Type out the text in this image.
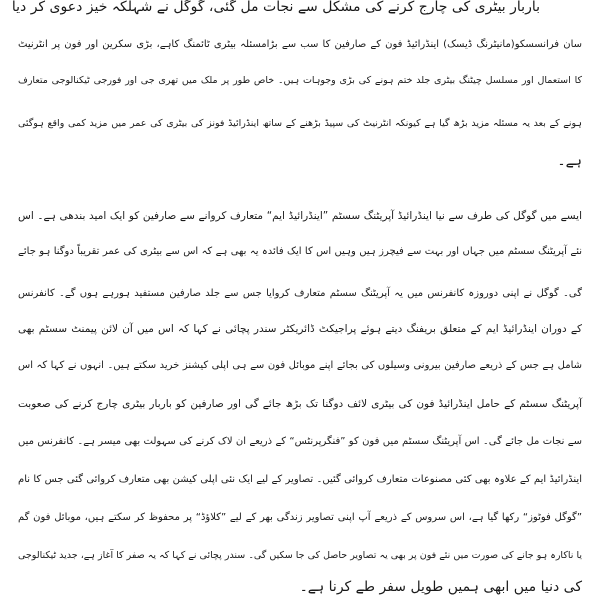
باربار بیٹری کی چارج کرنے کی مشکل سے نجات مل گئی، گوگل نے شہلکہ خیز دعوی کر دیا
سان فرانسسکو(مانیٹرنگ ڈیسک) اینڈرائیڈ فون کے صارفین کا سب سے بڑامسئلہ بیٹری ٹائمنگ کاہے، بڑی سکرین اور فون پر انٹرنیٹ
کا استعمال اور مسلسل چیٹنگ بیٹری جلد ختم ہونے کی بڑی وجوہات ہیں۔ خاص طور پر ملک میں تھری جی اور فورجی ٹیکنالوجی متعارف
ہونے کے بعد یہ مسئلہ مزید بڑھ گیا ہے کیونکہ انٹرنیٹ کی سپیڈ بڑھنے کے ساتھ اینڈرائیڈ فونز کی بیٹری کی عمر میں مزید کمی واقع ہوگئی
ہے۔
ایسے میں گوگل کی طرف سے نیا اینڈرائیڈ آپریٹنگ سسٹم ”اینڈرائیڈ ایم“ متعارف کروانے سے صارفین کو ایک امید بندھی ہے۔ اس
نئے آپریٹنگ سسٹم میں جہاں اور بہت سے فیچرز ہیں وہیں اس کا ایک فائدہ یہ بھی ہے کہ اس سے بیٹری کی عمر تقریباً دوگنا ہو جائے
گی۔ گوگل نے اپنی دوروزہ کانفرنس میں یہ آپریٹنگ سسٹم متعارف کروایا جس سے جلد صارفین مستفید ہورہے ہوں گے۔ کانفرنس
کے دوران اینڈرائیڈ ایم کے متعلق بریفنگ دیتے ہوئے پراجیکٹ ڈائریکٹر سندر پچائی نے کہا کہ اس میں آن لائن پیمنٹ سسٹم بھی
شامل ہے جس کے ذریعے صارفین بیرونی وسیلوں کی بجائے اپنے موبائل فون سے ہی اپلی کیشنز خرید سکتے ہیں۔ انہوں نے کہا کہ اس
آپریٹنگ سسٹم کے حامل اینڈرائیڈ فون کی بیٹری لائف دوگنا تک بڑھ جائے گی اور صارفین کو باربار بیٹری چارج کرنے کی صعوبت
سے نجات مل جائے گی۔ اس آپریٹنگ سسٹم میں فون کو ”فنگرپرنٹس“ کے ذریعے ان لاک کرنے کی سہولت بھی میسر ہے۔ کانفرنس میں
اینڈرائیڈ ایم کے علاوہ بھی کئی مصنوعات متعارف کروائی گئیں۔ تصاویر کے لیے ایک نئی اپلی کیشن بھی متعارف کروائی گئی جس کا نام
”گوگل فوٹوز“ رکھا گیا ہے، اس سروس کے ذریعے آپ اپنی تصاویر زندگی بھر کے لیے ”کلاؤڈ“ پر محفوظ کر سکتے ہیں، موبائل فون گم
یا ناکارہ ہو جانے کی صورت میں نئے فون پر بھی یہ تصاویر حاصل کی جا سکیں گی۔ سندر پچائی نے کہا کہ یہ صفر کا آغاز ہے، جدید ٹیکنالوجی
کی دنیا میں ابھی ہمیں طویل سفر طے کرنا ہے۔
